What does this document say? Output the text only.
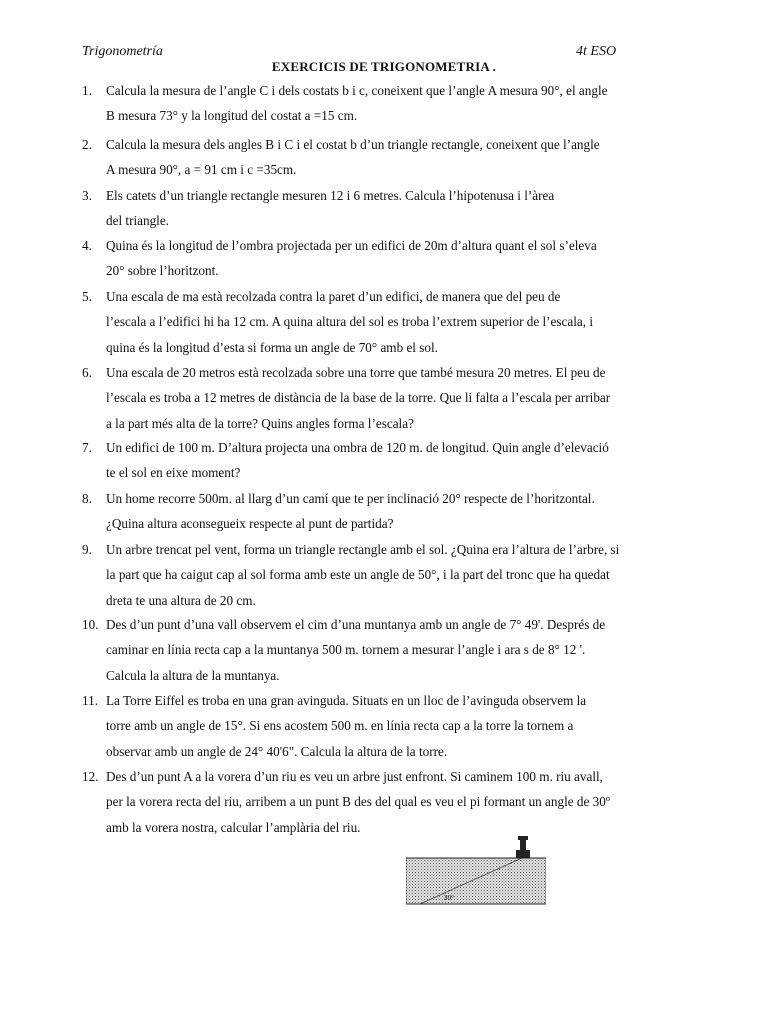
Trigonometría	4t ESO
EXERCICIS DE TRIGONOMETRIA .
1.	Calcula la mesura de l’angle C i dels costats b i c, coneixent que l’angle A mesura 90°, el angle
B mesura 73° y la longitud del costat a =15 cm.
2.	Calcula la mesura dels angles B i C i el costat b d’un triangle rectangle, coneixent que l’angle
A mesura 90°, a = 91 cm i c =35cm.
3.	Els catets d’un triangle rectangle mesuren 12 i 6 metres. Calcula l’hipotenusa i l’àrea
del triangle.
4.	Quina és la longitud de l’ombra projectada per un edifici de 20m d’altura quant el sol s’eleva
20° sobre l’horitzont.
5.	Una escala de ma està recolzada contra la paret d’un edifici, de manera que del peu de
l’escala a l’edifici hi ha 12 cm. A quina altura del sol es troba l’extrem superior de l’escala, i
quina és la longitud d’esta si forma un angle de 70° amb el sol.
6.	Una escala de 20 metros està recolzada sobre una torre que també mesura 20 metres. El peu de
l’escala es troba a 12 metres de distància de la base de la torre. Que li falta a l’escala per arribar
a la part més alta de la torre? Quins angles forma l’escala?
7.	Un edifici de 100 m. D’altura projecta una ombra de 120 m. de longitud. Quin angle d’elevació
te el sol en eixe moment?
8.	Un home recorre 500m. al llarg d’un camí que te per inclinació 20° respecte de l’horitzontal.
¿Quina altura aconsegueix respecte al punt de partida?
9.	Un arbre trencat pel vent, forma un triangle rectangle amb el sol. ¿Quina era l’altura de l’arbre, si
la part que ha caigut cap al sol forma amb este un angle de 50°, i la part del tronc que ha quedat
dreta te una altura de 20 cm.
10. Des d’un punt d’una vall observem el cim d’una muntanya amb un angle de 7° 49'. Després de
caminar en línia recta cap a la muntanya 500 m. tornem a mesurar l’angle i ara s de 8° 12 '.
Calcula la altura de la muntanya.
11. La Torre Eiffel es troba en una gran avinguda. Situats en un lloc de l’avinguda observem la
torre amb un angle de 15°. Si ens acostem 500 m. en línia recta cap a la torre la tornem a
observar amb un angle de 24° 40'6". Calcula la altura de la torre.
12. Des d’un punt A a la vorera d’un riu es veu un arbre just enfront. Si caminem 100 m. riu avall,
per la vorera recta del riu, arribem a un punt B des del qual es veu el pi formant un angle de 30º
amb la vorera nostra, calcular l’amplària del riu.
30°
